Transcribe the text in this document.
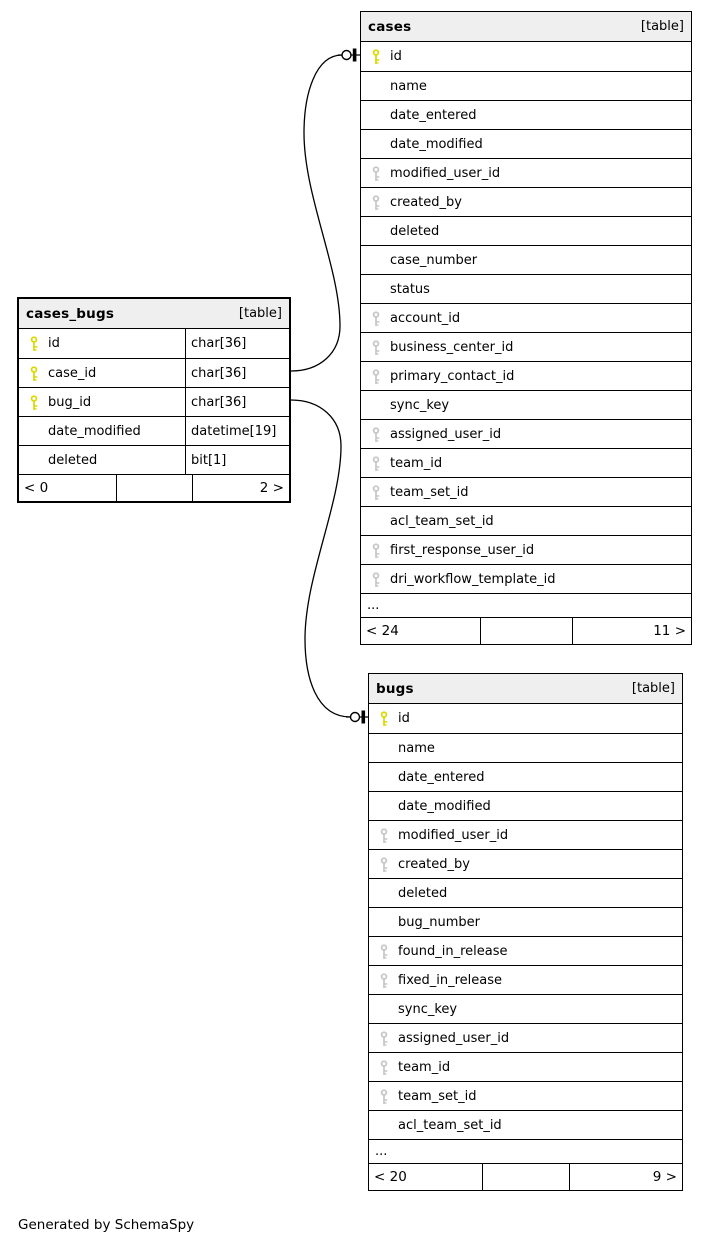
cases_bugs	[table]
id	char[36]
case_id	char[36]
bug_id	char[36]
date_modified	datetime[19]
deleted	bit[1]
< 0	2 >
cases	[table]
id
name
date_entered
date_modified
modified_user_id
created_by
deleted
case_number
status
account_id
business_center_id
primary_contact_id
sync_key
assigned_user_id
team_id
team_set_id
acl_team_set_id
first_response_user_id
dri_workflow_template_id
...
< 24	11 >
bugs	[table]
id
name
date_entered
date_modified
modified_user_id
created_by
deleted
bug_number
found_in_release
fixed_in_release
sync_key
assigned_user_id
team_id
team_set_id
acl_team_set_id
...
< 20	9 >
Generated by SchemaSpy
